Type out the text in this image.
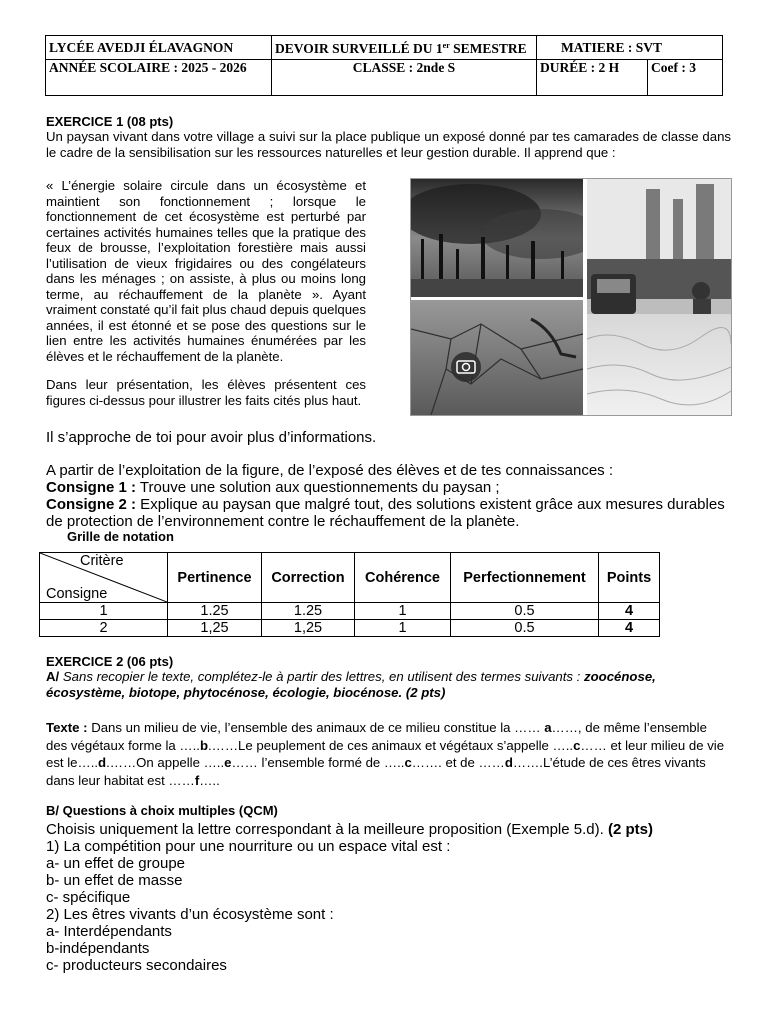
LYCÉE AVEDJI ÉLAVAGNON	DEVOIR SURVEILLÉ DU 1er SEMESTRE	MATIERE : SVT	
ANNÉE SCOLAIRE : 2025 - 2026	CLASSE : 2nde S	DURÉE : 2 H	Coef : 3
EXERCICE 1 (08 pts)
Un paysan vivant dans votre village a suivi sur la place publique un exposé donné par tes camarades de classe dans le cadre de la sensibilisation sur les ressources naturelles et leur gestion durable. Il apprend que :
« L’énergie solaire circule dans un écosystème et maintient son fonctionnement ; lorsque le fonctionnement de cet écosystème est perturbé par certaines activités humaines telles que la pratique des feux de brousse, l’exploitation forestière mais aussi l’utilisation de vieux frigidaires ou des congélateurs dans les ménages ; on assiste, à plus ou moins long terme, au réchauffement de la planète ». Ayant vraiment constaté qu’il fait plus chaud depuis quelques années, il est étonné et se pose des questions sur le lien entre les activités humaines énumérées par les élèves et le réchauffement de la planète.
Dans leur présentation, les élèves présentent ces figures ci-dessus pour illustrer les faits cités plus haut.
Il s’approche de toi pour avoir plus d’informations.
A partir de l’exploitation de la figure, de l’exposé des élèves et de tes connaissances :
Consigne 1 : Trouve une solution aux questionnements du paysan ;
Consigne 2 : Explique au paysan que malgré tout, des solutions existent grâce aux mesures durables de protection de l’environnement contre le réchauffement de la planète.
Grille de notation
Critère
Consigne	Pertinence	Correction	Cohérence	Perfectionnement	Points
1	1.25	1.25	1	0.5	4
2	1,25	1,25	1	0.5	4
EXERCICE 2 (06 pts)
A/ Sans recopier le texte, complétez-le à partir des lettres, en utilisent des termes suivants : zoocénose, écosystème, biotope, phytocénose, écologie, biocénose. (2 pts)
Texte : Dans un milieu de vie, l’ensemble des animaux de ce milieu constitue la …… a……, de même l’ensemble des végétaux forme la …..b.……Le peuplement de ces animaux et végétaux s’appelle …..c…… et leur milieu de vie est le…..d.……On appelle …..e…… l’ensemble formé de …..c……. et de ……d…….L’étude de ces êtres vivants dans leur habitat est ……f…..
B/ Questions à choix multiples (QCM)
Choisis uniquement la lettre correspondant à la meilleure proposition (Exemple 5.d). (2 pts)
1) La compétition pour une nourriture ou un espace vital est :
a- un effet de groupe
b- un effet de masse
c- spécifique
2) Les êtres vivants d’un écosystème sont :
a- Interdépendants
b-indépendants
c- producteurs secondaires
